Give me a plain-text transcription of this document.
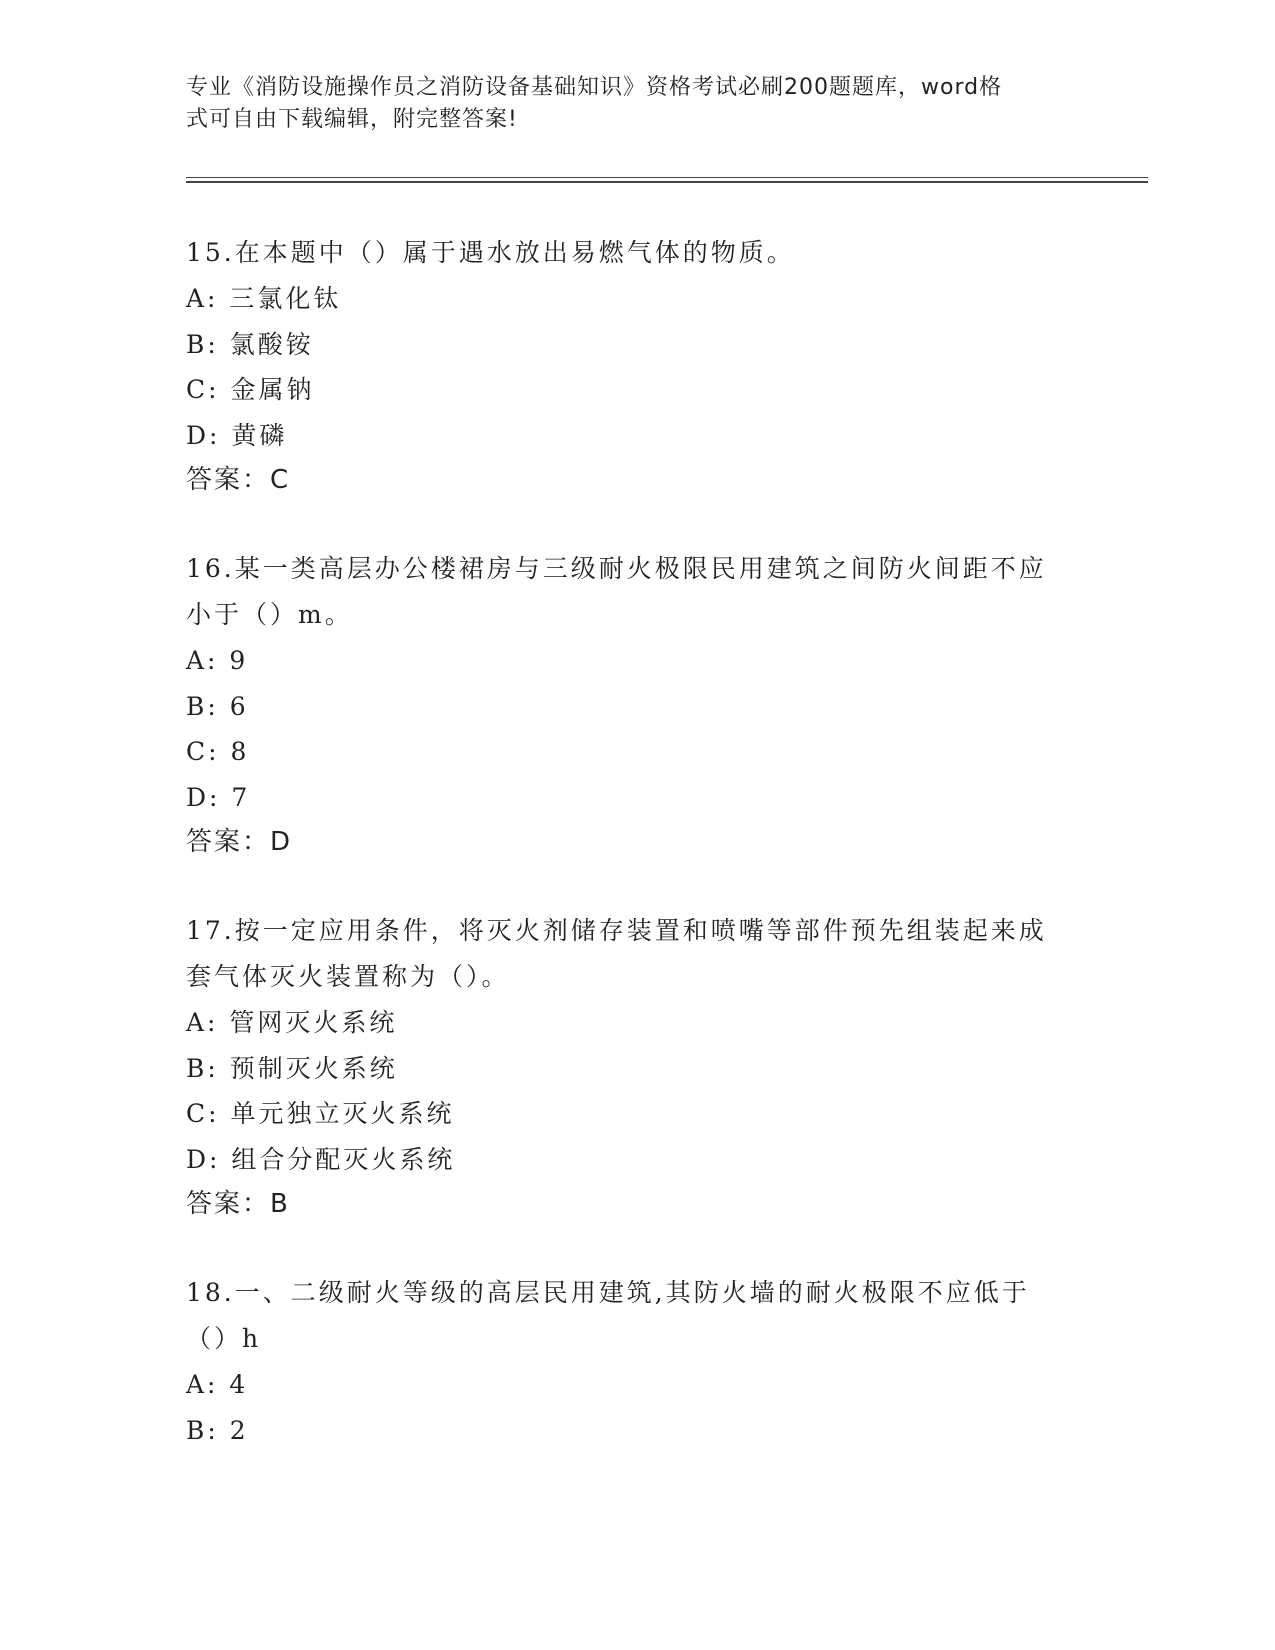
专业《消防设施操作员之消防设备基础知识》资格考试必刷200题题库，word格
式可自由下载编辑，附完整答案!

15.在本题中（）属于遇水放出易燃气体的物质。

A: 三氯化钛

B: 氯酸铵

C: 金属钠

D: 黄磷

答案：C

16.某一类高层办公楼裙房与三级耐火极限民用建筑之间防火间距不应

小于（）m。

A: 9

B: 6

C: 8

D: 7

答案：D

17.按一定应用条件，将灭火剂储存装置和喷嘴等部件预先组装起来成

套气体灭火装置称为（）。

A: 管网灭火系统

B: 预制灭火系统

C: 单元独立灭火系统

D: 组合分配灭火系统

答案：B

18.一、二级耐火等级的高层民用建筑,其防火墙的耐火极限不应低于

（）h

A: 4

B: 2
